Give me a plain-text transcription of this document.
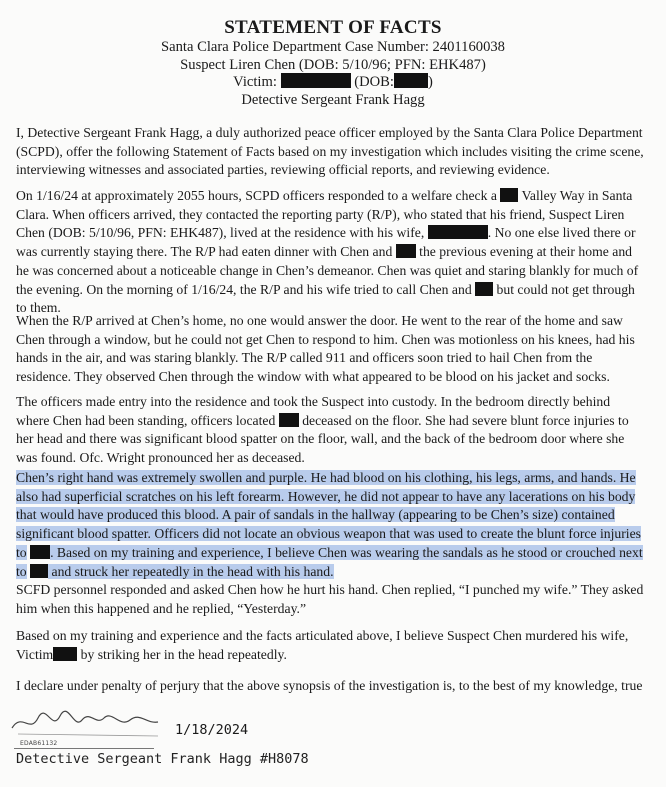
STATEMENT OF FACTS
Santa Clara Police Department Case Number: 2401160038
Suspect Liren Chen (DOB: 5/10/96; PFN: EHK487)
Victim:	(DOB: )
Detective Sergeant Frank Hagg
I, Detective Sergeant Frank Hagg, a duly authorized peace officer employed by the Santa Clara Police Department (SCPD), offer the following Statement of Facts based on my investigation which includes visiting the crime scene, interviewing witnesses and associated parties, reviewing official reports, and reviewing evidence.
On 1/16/24 at approximately 2055 hours, SCPD officers responded to a welfare check a  Valley Way in Santa Clara. When officers arrived, they contacted the reporting party (R/P), who stated that his friend, Suspect Liren Chen (DOB: 5/10/96, PFN: EHK487), lived at the residence with his wife,	. No one else lived there or was currently staying there. The R/P had eaten dinner with Chen and  the previous evening at their home and he was concerned about a noticeable change in Chen’s demeanor. Chen was quiet and staring blankly for much of the evening. On the morning of 1/16/24, the R/P and his wife tried to call Chen and  but could not get through to them.
When the R/P arrived at Chen’s home, no one would answer the door. He went to the rear of the home and saw Chen through a window, but he could not get Chen to respond to him. Chen was motionless on his knees, had his hands in the air, and was staring blankly. The R/P called 911 and officers soon tried to hail Chen from the residence. They observed Chen through the window with what appeared to be blood on his jacket and socks.
The officers made entry into the residence and took the Suspect into custody. In the bedroom directly behind where Chen had been standing, officers located  deceased on the floor. She had severe blunt force injuries to her head and there was significant blood spatter on the floor, wall, and the back of the bedroom door where she was found. Ofc. Wright pronounced her as deceased.
Chen’s right hand was extremely swollen and purple. He had blood on his clothing, his legs, arms, and hands. He also had superficial scratches on his left forearm. However, he did not appear to have any lacerations on his body that would have produced this blood. A pair of sandals in the hallway (appearing to be Chen’s size) contained significant blood spatter. Officers did not locate an obvious weapon that was used to create the blunt force injuries to . Based on my training and experience, I believe Chen was wearing the sandals as he stood or crouched next to  and struck her repeatedly in the head with his hand.
SCFD personnel responded and asked Chen how he hurt his hand. Chen replied, “I punched my wife.” They asked him when this happened and he replied, “Yesterday.”
Based on my training and experience and the facts articulated above, I believe Suspect Chen murdered his wife, Victim by striking her in the head repeatedly.
I declare under penalty of perjury that the above synopsis of the investigation is, to the best of my knowledge, true
EDAB61132
1/18/2024
Detective Sergeant Frank Hagg #H8078
